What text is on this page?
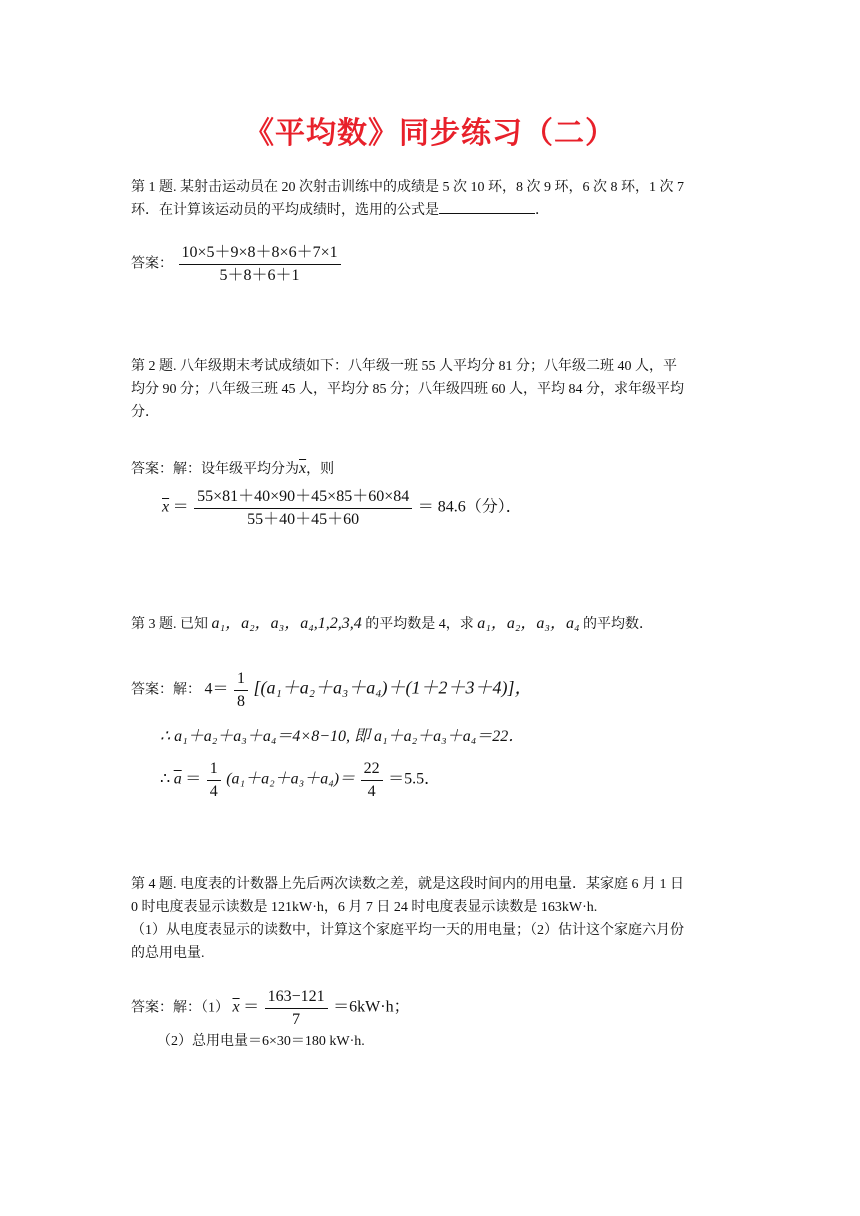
《平均数》同步练习（二）
第 1 题. 某射击运动员在 20 次射击训练中的成绩是 5 次 10 环，8 次 9 环，6 次 8 环，1 次 7
环．在计算该运动员的平均成绩时，选用的公式是	．
答案： $\frac{10\times 5+9\times 8+8\times 6+7\times 1}{5+8+6+1}$
第 2 题. 八年级期末考试成绩如下：八年级一班 55 人平均分 81 分；八年级二班 40 人，平
均分 90 分；八年级三班 45 人，平均分 85 分；八年级四班 60 人，平均 84 分，求年级平均
分．
答案：解：设年级平均分为$\overline{x}$，则
$\overline{x} = \frac{55\times 81+40\times 90+45\times 85+60\times 84}{55+40+45+60} = 84.6$（分）．
第 3 题. 已知 a₁，a₂，a₃，a₄,1,2,3,4 的平均数是 4，求 a₁，a₂，a₃，a₄ 的平均数．
答案：解： $4= \frac{1}{8} [(a_1+a_2+a_3+a_4)+(1+2+3+4)]$，
∴ a₁＋a₂＋a₃＋a₄＝4×8−10, 即 a₁＋a₂＋a₃＋a₄＝22．
∴ $\overline{a} = \frac{1}{4} (a_1+a_2+a_3+a_4)= \frac{22}{4} =5.5$．
第 4 题. 电度表的计数器上先后两次读数之差，就是这段时间内的用电量．某家庭 6 月 1 日
0 时电度表显示读数是 121kW·h，6 月 7 日 24 时电度表显示读数是 163kW·h.
（1）从电度表显示的读数中，计算这个家庭平均一天的用电量；（2）估计这个家庭六月份
的总用电量.
答案：解：（1） $\overline{x} = \frac{163-121}{7} =6kW\cdot h$；
（2）总用电量＝6×30＝180 kW·h.
